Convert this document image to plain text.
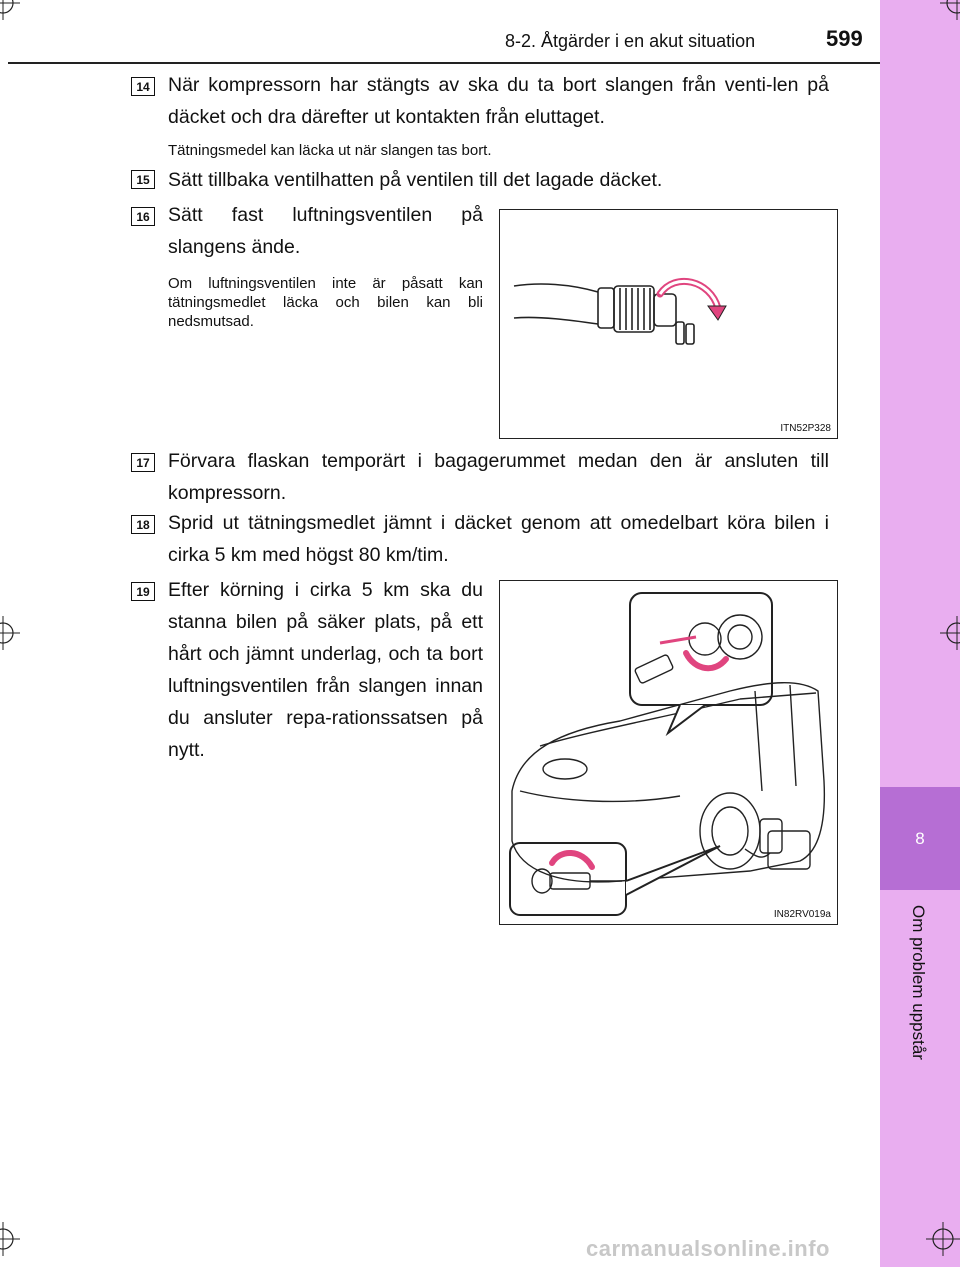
8
Om problem uppstår
8-2. Åtgärder i en akut situation	599
14 När kompressorn har stängts av ska du ta bort slangen från venti-len på däcket och dra därefter ut kontakten från eluttaget.
Tätningsmedel kan läcka ut när slangen tas bort.
15 Sätt tillbaka ventilhatten på ventilen till det lagade däcket.
16 Sätt fast luftningsventilen på slangens ände.
Om luftningsventilen inte är påsatt kan tätningsmedlet läcka och bilen kan bli nedsmutsad.
ITN52P328
17 Förvara flaskan temporärt i bagagerummet medan den är ansluten till kompressorn.
18 Sprid ut tätningsmedlet jämnt i däcket genom att omedelbart köra bilen i cirka 5 km med högst 80 km/tim.
19 Efter körning i cirka 5 km ska du stanna bilen på säker plats, på ett hårt och jämnt underlag, och ta bort luftningsventilen från slangen innan du ansluter repa-rationssatsen på nytt.
IN82RV019a
carmanualsonline.info
